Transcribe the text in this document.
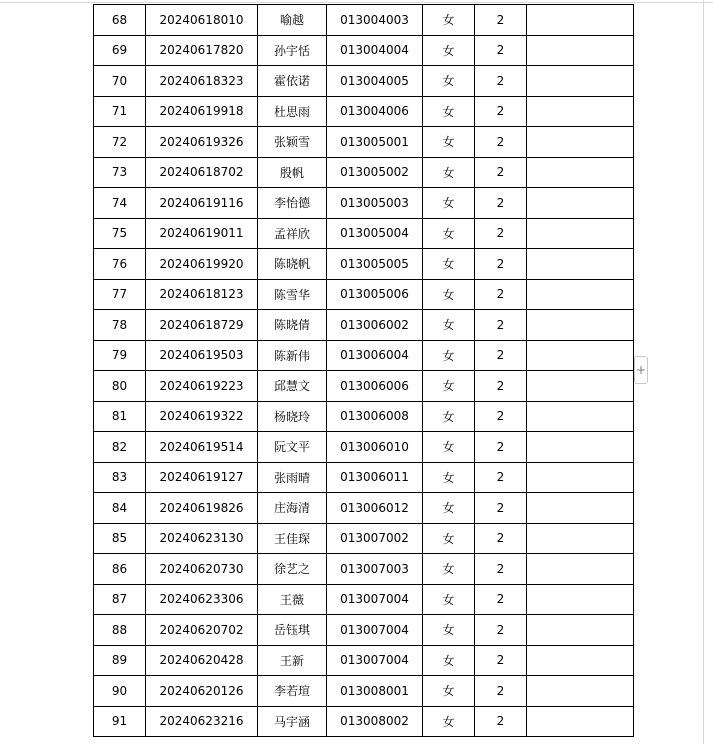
68	20240618010	喻越	013004003	女	2	
69	20240617820	孙宇恬	013004004	女	2	
70	20240618323	霍依诺	013004005	女	2	
71	20240619918	杜思雨	013004006	女	2	
72	20240619326	张颖雪	013005001	女	2	
73	20240618702	殷帆	013005002	女	2	
74	20240619116	李怡德	013005003	女	2	
75	20240619011	孟祥欣	013005004	女	2	
76	20240619920	陈晓帆	013005005	女	2	
77	20240618123	陈雪华	013005006	女	2	
78	20240618729	陈晓倩	013006002	女	2	
79	20240619503	陈新伟	013006004	女	2	
80	20240619223	邱慧文	013006006	女	2	
81	20240619322	杨晓玲	013006008	女	2	
82	20240619514	阮文平	013006010	女	2	
83	20240619127	张雨晴	013006011	女	2	
84	20240619826	庄海清	013006012	女	2	
85	20240623130	王佳琛	013007002	女	2	
86	20240620730	徐艺之	013007003	女	2	
87	20240623306	王薇	013007004	女	2	
88	20240620702	岳钰琪	013007004	女	2	
89	20240620428	王新	013007004	女	2	
90	20240620126	李若瑄	013008001	女	2	
91	20240623216	马宇涵	013008002	女	2	
+
